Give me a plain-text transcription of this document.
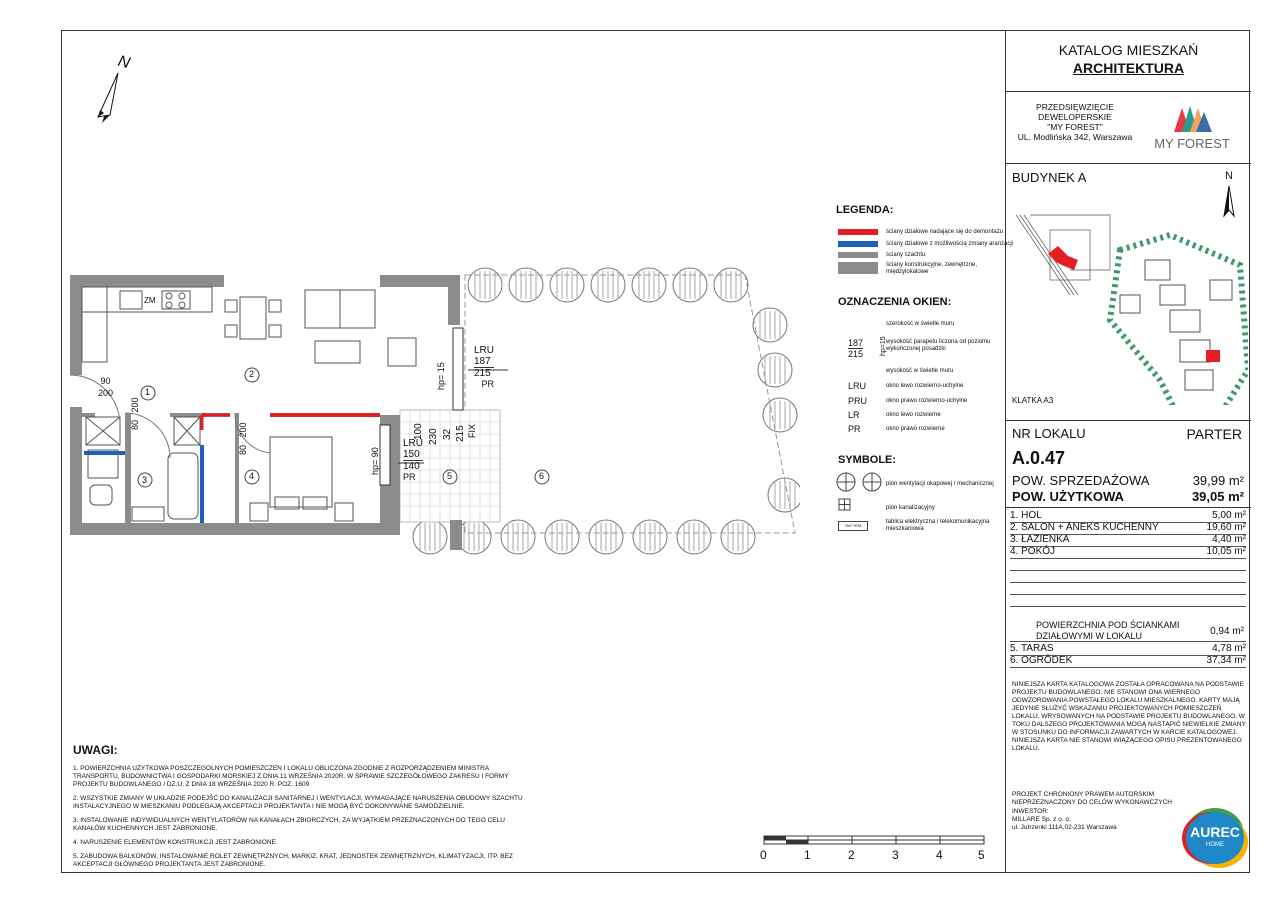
N
ZM
1
2
3	4	5	6
90
200
80   200
80   200
LRU
187
215
PR
hp= 15
LRU
150
140
PR
hp= 90
100 230 32 215 FIX
LEGENDA:
ściany działowe nadające się do demontażu
ściany działowe z możliwością zmiany aranżacji
ściany szachtu
ściany konstrukcyjne, zewnętrzne, międzylokalowe
OZNACZENIA OKIEN:
187
215 hp=15
szerokość w świetle muru
wysokość parapetu liczona od poziomu wykończonej posadzki
wysokość w świetle muru
LRU	okno lewo rozwierno-uchylne
PRU	okno prawo rozwierno-uchylne
LR	okno lewo rozwierne
PR	okno prawo rozwierne
SYMBOLE:
pion wentylacji okapowej / mechanicznej
pion kanalizacyjny
TM+TEM
tablica elektryczna i telekomunikacyjna mieszkaniowa
UWAGI:

1. POWIERZCHNIA UŻYTKOWA POSZCZEGÓLNYCH POMIESZCZEŃ I LOKALU OBLICZONA ZGODNIE Z ROZPORZĄDZENIEM MINISTRA TRANSPORTU, BUDOWNICTWA I GOSPODARKI MORSKIEJ Z DNIA 11 WRZEŚNIA 2020R. W SPRAWIE SZCZEGÓŁOWEGO ZAKRESU I FORMY PROJEKTU BUDOWLANEGO / DZ.U. Z DNIA 18 WRZEŚNIA 2020 R. POZ. 1609

2. WSZYSTKIE ZMIANY W UKŁADZIE PODEJŚĆ DO KANALIZACJI SANITARNEJ I WENTYLACJI, WYMAGAJĄCE NARUSZENIA OBUDOWY SZACHTU INSTALACYJNEGO W MIESZKANIU PODLEGAJĄ AKCEPTACJI PROJEKTANTA I NIE MOGĄ BYĆ DOKONYWANE SAMODZIELNIE.

3. INSTALOWANIE INDYWIDUALNYCH WENTYLATORÓW NA KANAŁACH ZBIORCZYCH, ZA WYJĄTKIEM PRZEZNACZONYCH DO TEGO CELU KANAŁÓW KUCHENNYCH JEST ZABRONIONE.

4. NARUSZENIE ELEMENTÓW KONSTRUKCJI JEST ZABRONIONE.

5. ZABUDOWA BALKONÓW, INSTALOWANIE ROLET ZEWNĘTRZNYCH, MARKIZ, KRAT, JEDNOSTEK ZEWNĘTRZNYCH, KLIMATYZACJI, ITP. BEZ AKCEPTACJI GŁÓWNEGO PROJEKTANTA JEST ZABRONIONE.

0	1	2	3	4	5
KATALOG MIESZKAŃ
ARCHITEKTURA
PRZEDSIĘWZIĘCIE
DEWELOPERSKIE
"MY FOREST"
UL. Modlińska 342, Warszawa	MY FOREST
BUDYNEK A	N
KLATKA A3
NR LOKALU	PARTER
A.0.47
POW. SPRZEDAŻOWA	39,99 m²
POW. UŻYTKOWA	39,05 m²
1. HOL	5,00 m²
2. SALON + ANEKS KUCHENNY	19,60 m²
3. ŁAZIENKA	4,40 m²
4. POKÓJ	10,05 m²
POWIERZCHNIA POD ŚCIANKAMI
DZIAŁOWYMI W LOKALU	0,94 m²
5. TARAS	4,78 m²
6. OGRÓDEK	37,34 m²
NINIEJSZA KARTA KATALOGOWA ZOSTAŁA OPRACOWANA NA PODSTAWIE PROJEKTU BUDOWLANEGO. NIE STANOWI ONA WIERNEGO ODWZOROWANIA POWSTAŁEGO LOKALU MIESZKALNEGO. KARTY MAJĄ JEDYNIE SŁUŻYĆ WSKAZANIU PROJEKTOWANYCH POMIESZCZEŃ LOKALU, WRYSOWANYCH NA PODSTAWIE PROJEKTU BUDOWLANEGO. W TOKU DALSZEGO PROJEKTOWANIA MOGĄ NASTĄPIĆ NIEWIELKIE ZMIANY W STOSUNKU DO INFORMACJI ZAWARTYCH W KARCIE KATALOGOWEJ. NINIEJSZA KARTA NIE STANOWI WIĄŻĄCEGO OPISU PREZENTOWANEGO LOKALU.
PROJEKT CHRONIONY PRAWEM AUTORSKIM
NIEPRZEZNACZONY DO CELÓW WYKONAWCZYCH
INWESTOR:
MILLARE Sp. z o. o.
ul. Jutrzenki 111A,02-231 Warszawa	AUREC
HOME
